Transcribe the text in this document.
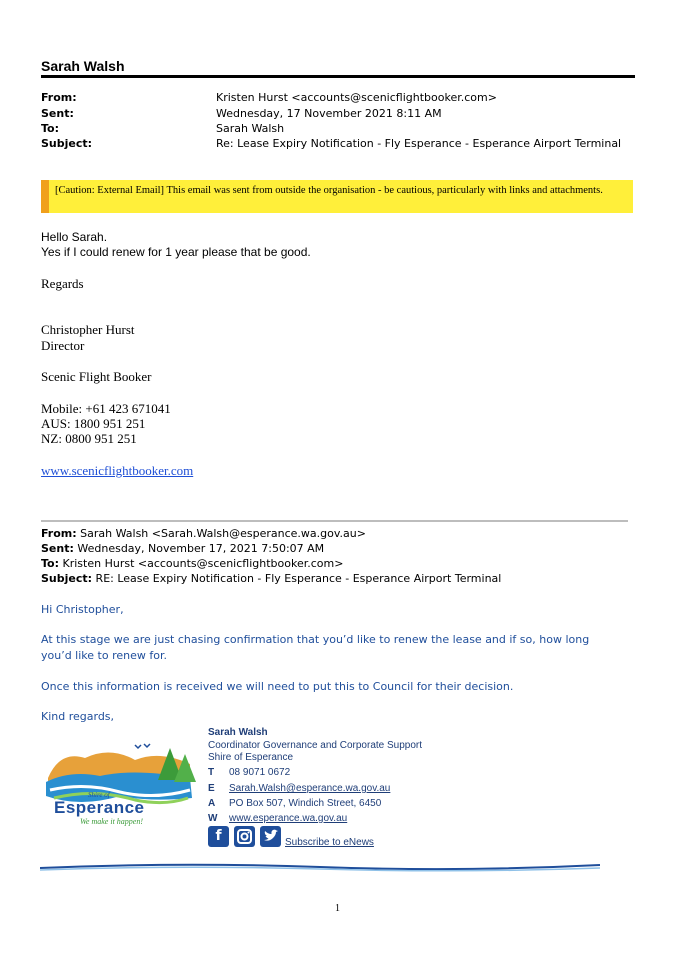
Sarah Walsh
From:	Kristen Hurst <accounts@scenicflightbooker.com>
Sent:	Wednesday, 17 November 2021 8:11 AM
To:	Sarah Walsh
Subject:	Re: Lease Expiry Notification - Fly Esperance - Esperance Airport Terminal
[Caution: External Email] This email was sent from outside the organisation - be cautious, particularly with links and attachments.
Hello Sarah.
Yes if I could renew for 1 year please that be good.
Regards
Christopher Hurst
Director
Scenic Flight Booker
Mobile: +61 423 671041
AUS: 1800 951 251
NZ: 0800 951 251
www.scenicflightbooker.com
From: Sarah Walsh <Sarah.Walsh@esperance.wa.gov.au>
Sent: Wednesday, November 17, 2021 7:50:07 AM
To: Kristen Hurst <accounts@scenicflightbooker.com>
Subject: RE: Lease Expiry Notification - Fly Esperance - Esperance Airport Terminal
Hi Christopher,
At this stage we are just chasing confirmation that you’d like to renew the lease and if so, how long you’d like to renew for.
Once this information is received we will need to put this to Council for their decision.
Kind regards,
Shire of
Esperance
We make it happen!
Sarah Walsh
Coordinator Governance and Corporate Support
Shire of Esperance
T 08 9071 0672
E Sarah.Walsh@esperance.wa.gov.au
A PO Box 507, Windich Street, 6450
W www.esperance.wa.gov.au
f	Subscribe to eNews
1
